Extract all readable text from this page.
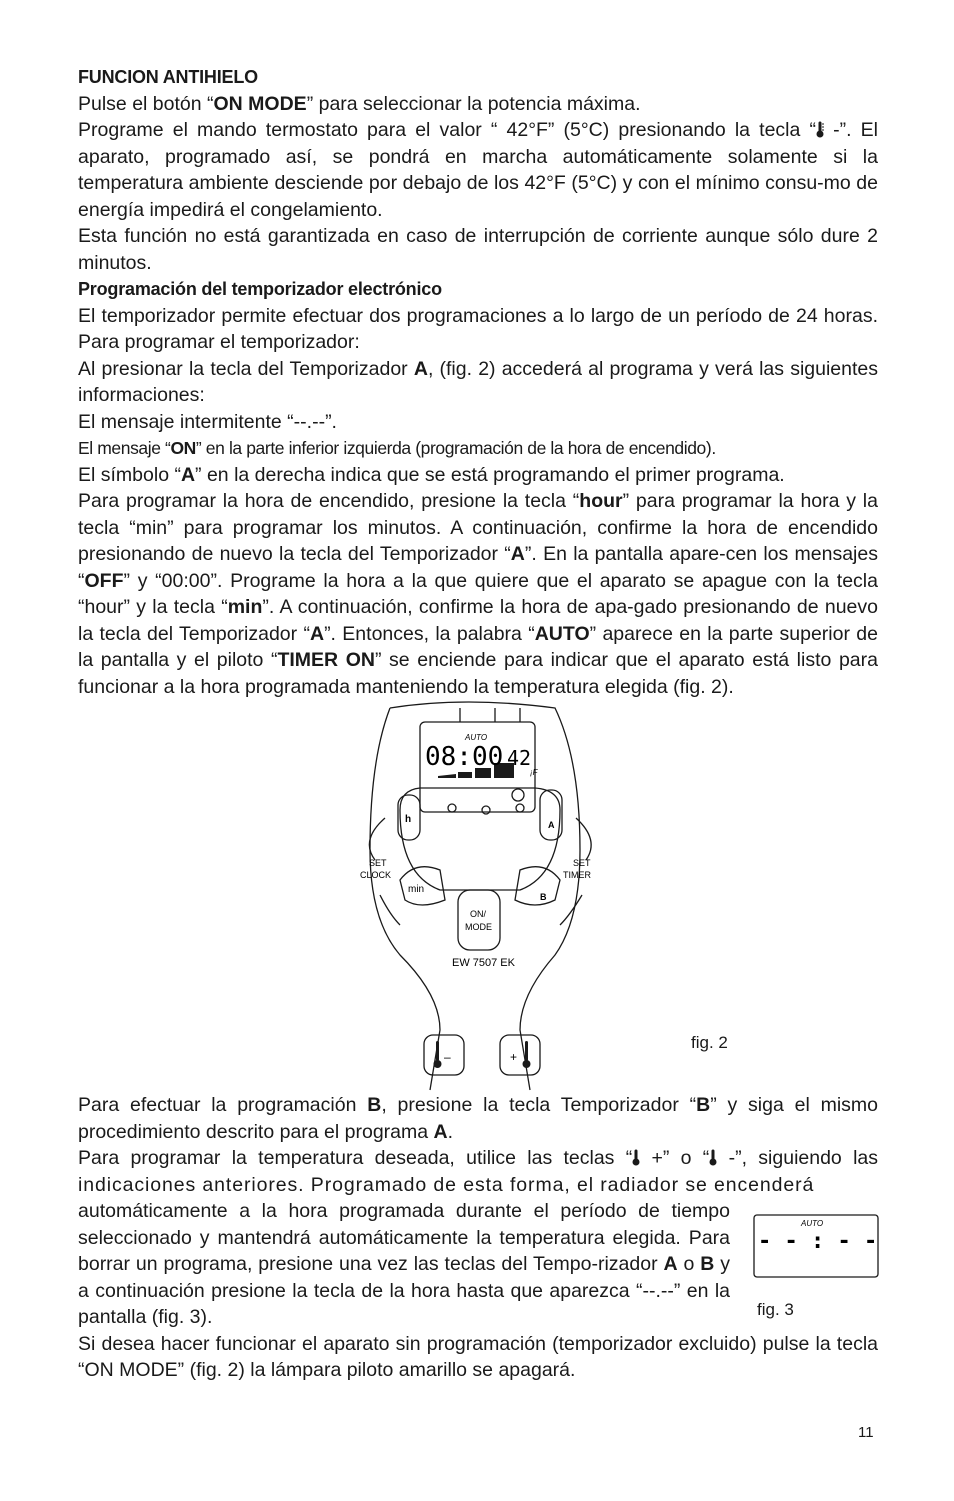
FUNCION ANTIHIELO

Pulse el botón “ON MODE” para seleccionar la potencia máxima.

Programe el mando termostato para el valor “ 42°F” (5°C) presionando la tecla “ -”. El aparato, programado así, se pondrá en marcha automáticamente solamente si la temperatura ambiente desciende por debajo de los 42°F (5°C) y con el mínimo consu-mo de energía impedirá el congelamiento.

Esta función no está garantizada en caso de interrupción de corriente aunque sólo dure 2 minutos.

Programación del temporizador electrónico

El temporizador permite efectuar dos programaciones a lo largo de un período de 24 horas. Para programar el temporizador:

Al presionar la tecla del Temporizador A, (fig. 2) accederá al programa y verá las siguientes informaciones:

El mensaje intermitente “--.--”.

El mensaje “ON” en la parte inferior izquierda (programación de la hora de encendido).

El símbolo “A” en la derecha indica que se está programando el primer programa.

Para programar la hora de encendido, presione la tecla “hour” para programar la hora y la tecla “min” para programar los minutos. A continuación, confirme la hora de encendido presionando de nuevo la tecla del Temporizador “A”. En la pantalla apare-cen los mensajes “OFF” y “00:00”. Programe la hora a la que quiere que el aparato se apague con la tecla “hour” y la tecla “min”. A continuación, confirme la hora de apa-gado presionando de nuevo la tecla del Temporizador “A”. Entonces, la palabra “AUTO” aparece en la parte superior de la pantalla y el piloto “TIMER ON” se enciende para indicar que el aparato está listo para funcionar a la hora programada manteniendo la temperatura elegida (fig. 2).

AUTO
08:00 42
¡F
h	A
min
B
ON/
MODE
SET
CLOCK
SET
TIMER
EW 7507 EK
–	+
fig. 2

Para efectuar la programación B, presione la tecla Temporizador “B” y siga el mismo procedimiento descrito para el programa A.

Para programar la temperatura deseada, utilice las teclas “ +” o “ -”, siguiendo las indicaciones anteriores. Programado de esta forma, el radiador se encenderá

automáticamente a la hora programada durante el período de tiempo seleccionado y mantendrá automáticamente la temperatura elegida. Para borrar un programa, presione una vez las teclas del Tempo-rizador A o B y a continuación presione la tecla de la hora hasta que aparezca “--.--” en la pantalla (fig. 3).

AUTO
- - : - -
fig. 3

Si desea hacer funcionar el aparato sin programación (temporizador excluido) pulse la tecla “ON MODE” (fig. 2) la lámpara piloto amarillo se apagará.

11
